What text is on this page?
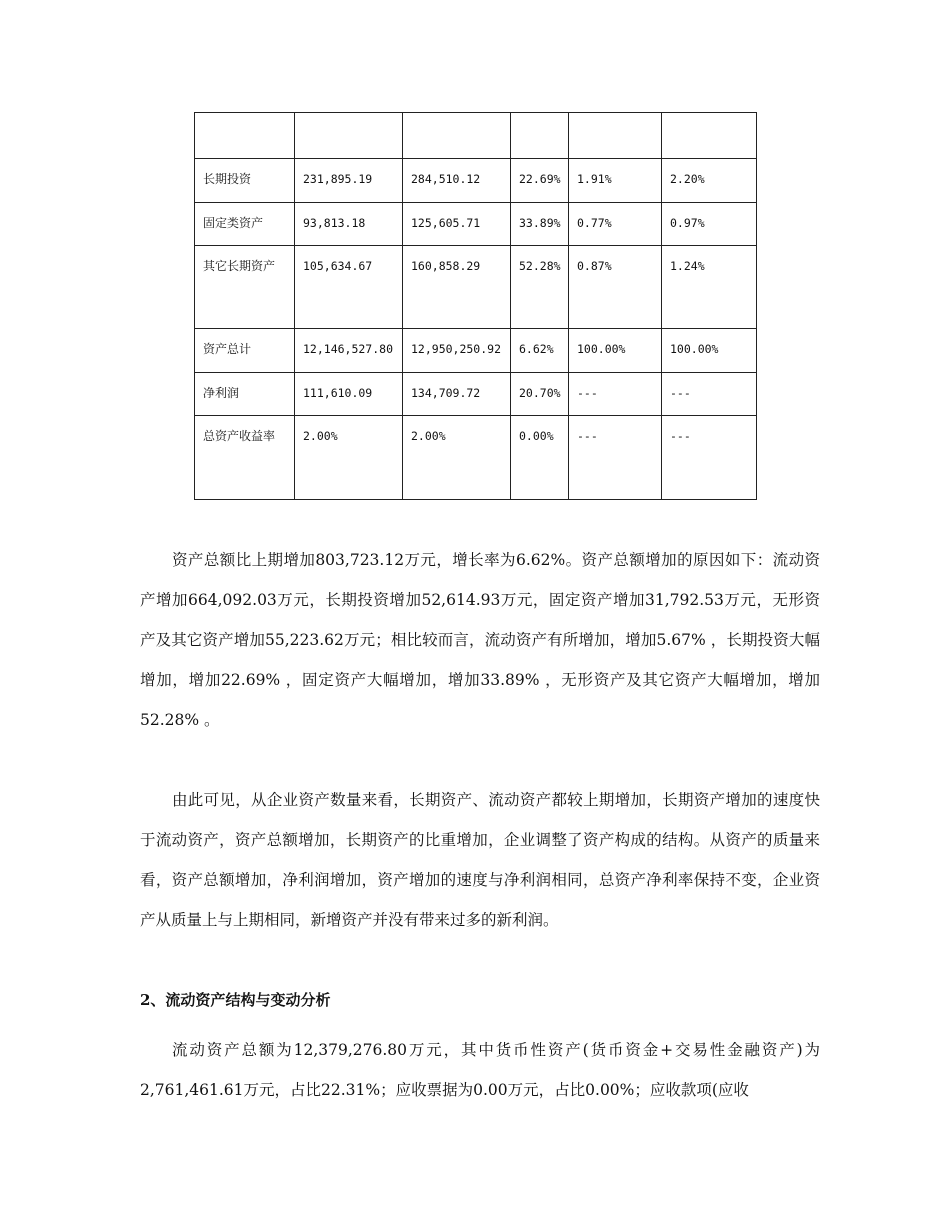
长期投资	231,895.19	284,510.12	22.69%	1.91%	2.20%
固定类资产	93,813.18	125,605.71	33.89%	0.77%	0.97%
其它长期资产	105,634.67	160,858.29	52.28%	0.87%	1.24%
资产总计	12,146,527.80	12,950,250.92	6.62%	100.00%	100.00%
净利润	111,610.09	134,709.72	20.70%	---	---
总资产收益率	2.00%	2.00%	0.00%	---	---

资产总额比上期增加803,723.12万元，增长率为6.62%。资产总额增加的原因如下：流动资产增加664,092.03万元，长期投资增加52,614.93万元，固定资产增加31,792.53万元，无形资产及其它资产增加55,223.62万元；相比较而言，流动资产有所增加，增加5.67% ，长期投资大幅增加，增加22.69% ，固定资产大幅增加，增加33.89% ，无形资产及其它资产大幅增加，增加52.28% 。

由此可见，从企业资产数量来看，长期资产、流动资产都较上期增加，长期资产增加的速度快于流动资产，资产总额增加，长期资产的比重增加，企业调整了资产构成的结构。从资产的质量来看，资产总额增加，净利润增加，资产增加的速度与净利润相同，总资产净利率保持不变，企业资产从质量上与上期相同，新增资产并没有带来过多的新利润。

2、流动资产结构与变动分析

流动资产总额为12,379,276.80万元，其中货币性资产(货币资金+交易性金融资产)为2,761,461.61万元，占比22.31%；应收票据为0.00万元，占比0.00%；应收款项(应收
